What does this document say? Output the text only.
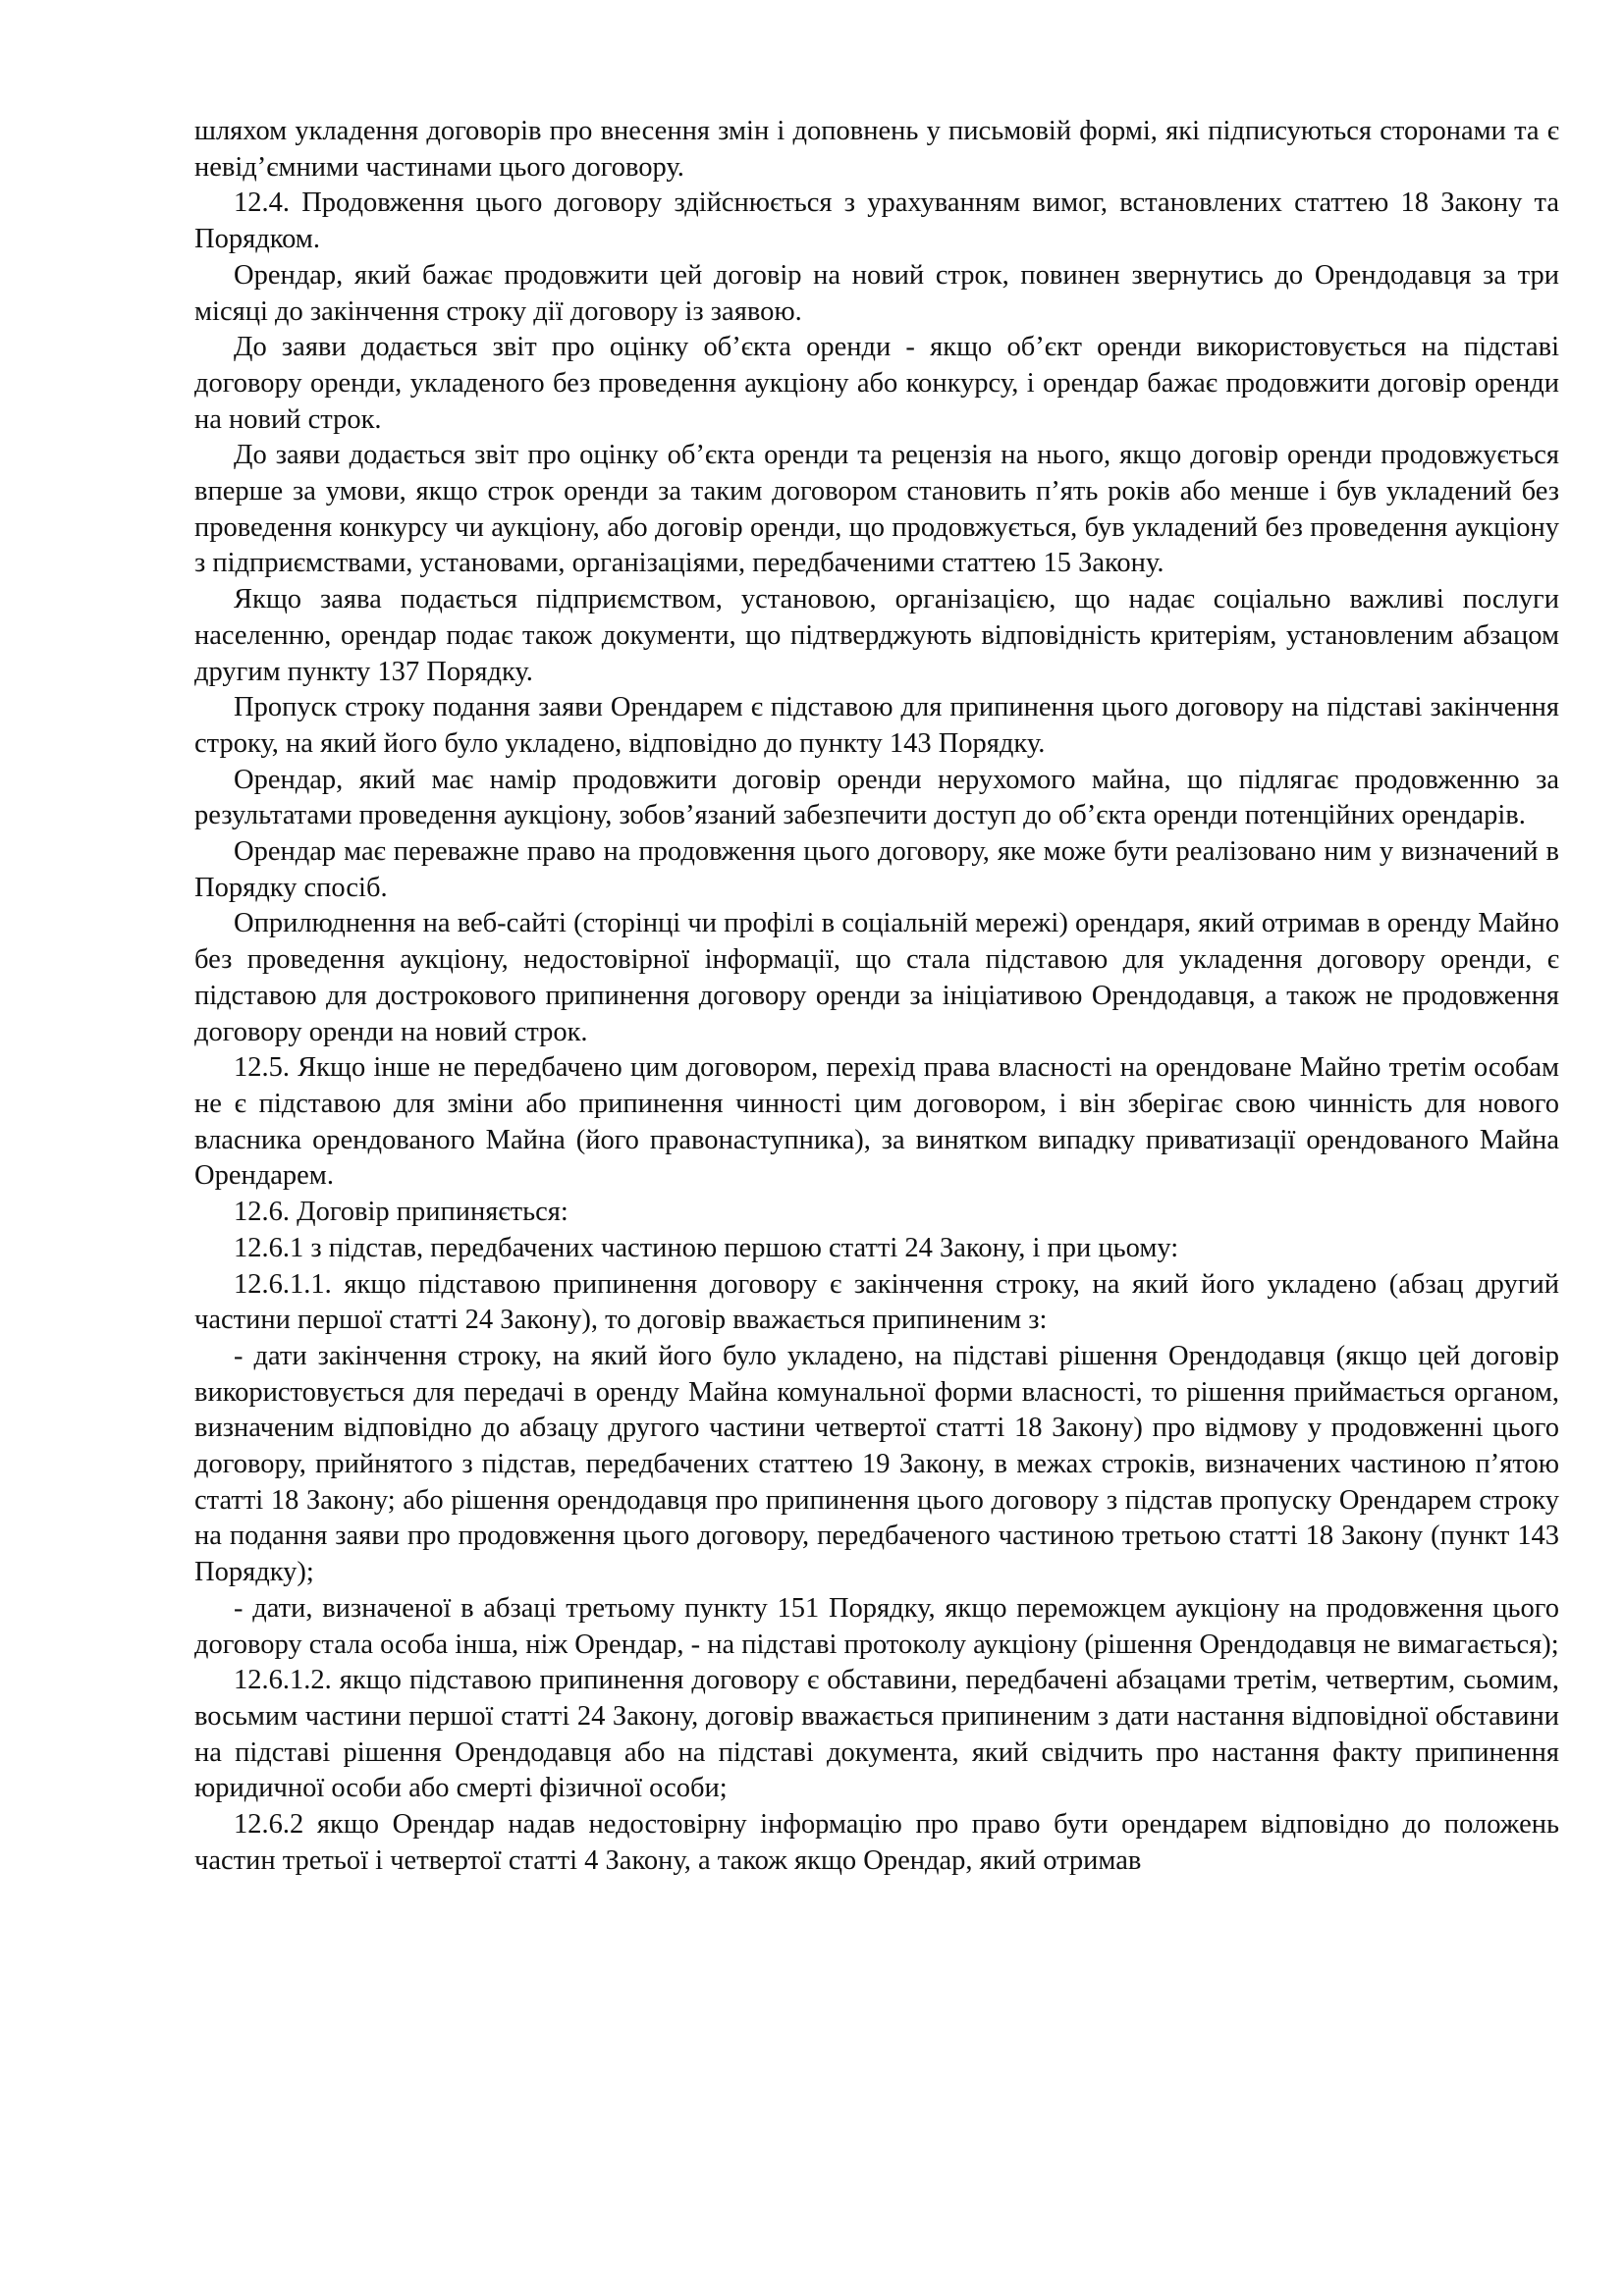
шляхом укладення договорів про внесення змін і доповнень у письмовій формі, які підписуються сторонами та є невід’ємними частинами цього договору.

12.4. Продовження цього договору здійснюється з урахуванням вимог, встановлених статтею 18 Закону та Порядком.

Орендар, який бажає продовжити цей договір на новий строк, повинен звернутись до Орендодавця за три місяці до закінчення строку дії договору із заявою.

До заяви додається звіт про оцінку об’єкта оренди - якщо об’єкт оренди використовується на підставі договору оренди, укладеного без проведення аукціону або конкурсу, і орендар бажає продовжити договір оренди на новий строк.

До заяви додається звіт про оцінку об’єкта оренди та рецензія на нього, якщо договір оренди продовжується вперше за умови, якщо строк оренди за таким договором становить п’ять років або менше і був укладений без проведення конкурсу чи аукціону, або договір оренди, що продовжується, був укладений без проведення аукціону з підприємствами, установами, організаціями, передбаченими статтею 15 Закону.

Якщо заява подається підприємством, установою, організацією, що надає соціально важливі послуги населенню, орендар подає також документи, що підтверджують відповідність критеріям, установленим абзацом другим пункту 137 Порядку.

Пропуск строку подання заяви Орендарем є підставою для припинення цього договору на підставі закінчення строку, на який його було укладено, відповідно до пункту 143 Порядку.

Орендар, який має намір продовжити договір оренди нерухомого майна, що підлягає продовженню за результатами проведення аукціону, зобов’язаний забезпечити доступ до об’єкта оренди потенційних орендарів.

Орендар має переважне право на продовження цього договору, яке може бути реалізовано ним у визначений в Порядку спосіб.

Оприлюднення на веб-сайті (сторінці чи профілі в соціальній мережі) орендаря, який отримав в оренду Майно без проведення аукціону, недостовірної інформації, що стала підставою для укладення договору оренди, є підставою для дострокового припинення договору оренди за ініціативою Орендодавця, а також не продовження договору оренди на новий строк.

12.5. Якщо інше не передбачено цим договором, перехід права власності на орендоване Майно третім особам не є підставою для зміни або припинення чинності цим договором, і він зберігає свою чинність для нового власника орендованого Майна (його правонаступника), за винятком випадку приватизації орендованого Майна Орендарем.

12.6. Договір припиняється:

12.6.1 з підстав, передбачених частиною першою статті 24 Закону, і при цьому:

12.6.1.1. якщо підставою припинення договору є закінчення строку, на який його укладено (абзац другий частини першої статті 24 Закону), то договір вважається припиненим з:

- дати закінчення строку, на який його було укладено, на підставі рішення Орендодавця (якщо цей договір використовується для передачі в оренду Майна комунальної форми власності, то рішення приймається органом, визначеним відповідно до абзацу другого частини четвертої статті 18 Закону) про відмову у продовженні цього договору, прийнятого з підстав, передбачених статтею 19 Закону, в межах строків, визначених частиною п’ятою статті 18 Закону; або рішення орендодавця про припинення цього договору з підстав пропуску Орендарем строку на подання заяви про продовження цього договору, передбаченого частиною третьою статті 18 Закону (пункт 143 Порядку);

- дати, визначеної в абзаці третьому пункту 151 Порядку, якщо переможцем аукціону на продовження цього договору стала особа інша, ніж Орендар, - на підставі протоколу аукціону (рішення Орендодавця не вимагається);

12.6.1.2. якщо підставою припинення договору є обставини, передбачені абзацами третім, четвертим, сьомим, восьмим частини першої статті 24 Закону, договір вважається припиненим з дати настання відповідної обставини на підставі рішення Орендодавця або на підставі документа, який свідчить про настання факту припинення юридичної особи або смерті фізичної особи;

12.6.2 якщо Орендар надав недостовірну інформацію про право бути орендарем відповідно до положень частин третьої і четвертої статті 4 Закону, а також якщо Орендар, який отримав
